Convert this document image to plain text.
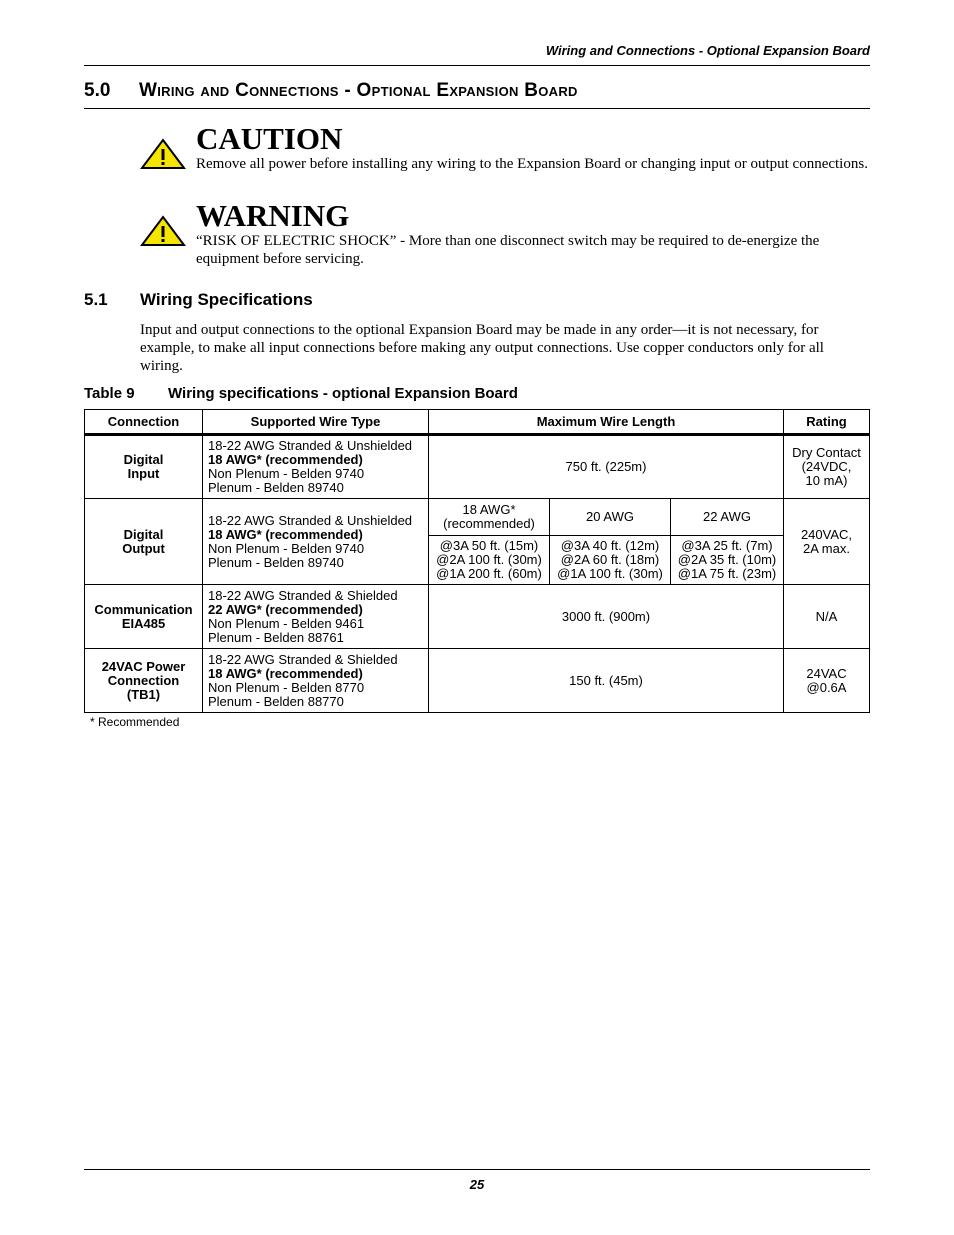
Wiring and Connections - Optional Expansion Board
5.0 Wiring and Connections - Optional Expansion Board
CAUTION
Remove all power before installing any wiring to the Expansion Board or changing input or output connections.
WARNING
“RISK OF ELECTRIC SHOCK” - More than one disconnect switch may be required to de-energize the equipment before servicing.
5.1 Wiring Specifications
Input and output connections to the optional Expansion Board may be made in any order—it is not necessary, for example, to make all input connections before making any output connections. Use copper conductors only for all wiring.
Table 9 Wiring specifications - optional Expansion Board
Connection	Supported Wire Type	Maximum Wire Length			Rating

Digital
Input	18-22 AWG Stranded & Unshielded
18 AWG* (recommended)
Non Plenum - Belden 9740
Plenum - Belden 89740	750 ft. (225m)			Dry Contact
(24VDC,
10 mA)

Digital
Output	18-22 AWG Stranded & Unshielded
18 AWG* (recommended)
Non Plenum - Belden 9740
Plenum - Belden 89740	18 AWG*
(recommended)	20 AWG	22 AWG	240VAC,
2A max.

		@3A 50 ft. (15m)
@2A 100 ft. (30m)
@1A 200 ft. (60m)	@3A 40 ft. (12m)
@2A 60 ft. (18m)
@1A 100 ft. (30m)	@3A 25 ft. (7m)
@2A 35 ft. (10m)
@1A 75 ft. (23m)	

Communication
EIA485	18-22 AWG Stranded & Shielded
22 AWG* (recommended)
Non Plenum - Belden 9461
Plenum - Belden 88761	3000 ft. (900m)			N/A

24VAC Power
Connection
(TB1)	18-22 AWG Stranded & Shielded
18 AWG* (recommended)
Non Plenum - Belden 8770
Plenum - Belden 88770	150 ft. (45m)			24VAC
@0.6A
* Recommended
25
